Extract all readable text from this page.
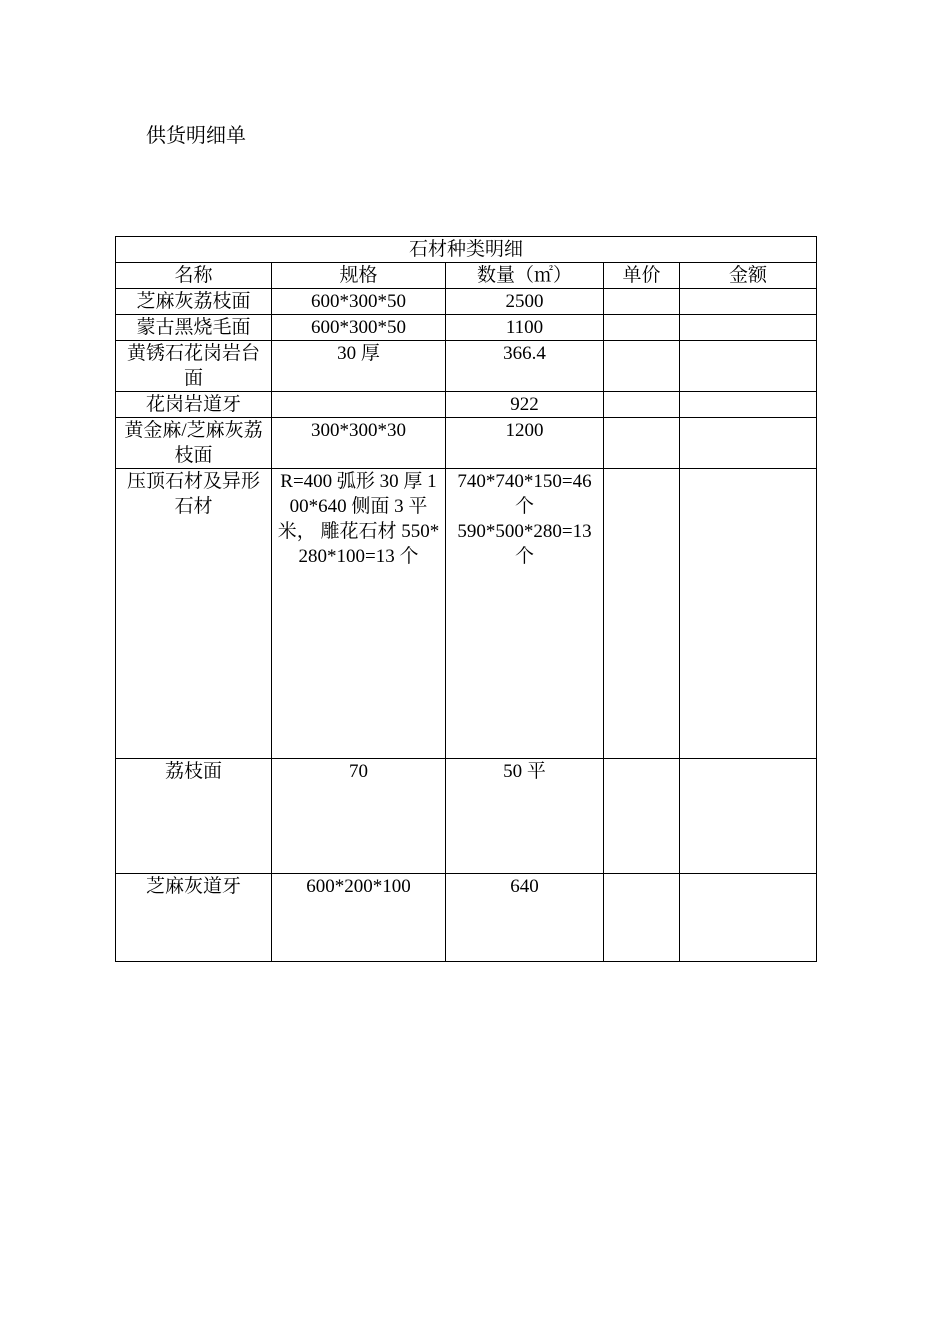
供货明细单
石材种类明细				
名称	规格	数量（㎡）	单价	金额
芝麻灰荔枝面	600*300*50	2500		
蒙古黑烧毛面	600*300*50	1100		
黄锈石花岗岩台面	30 厚	366.4		
花岗岩道牙		922		
黄金麻/芝麻灰荔枝面	300*300*30	1200		
压顶石材及异形石材	R=400 弧形 30 厚 100*640 侧面 3 平米， 雕花石材 550*280*100=13 个	740*740*150=46 个
590*500*280=13 个		

荔枝面	70	50 平		
芝麻灰道牙	600*200*100	640		
